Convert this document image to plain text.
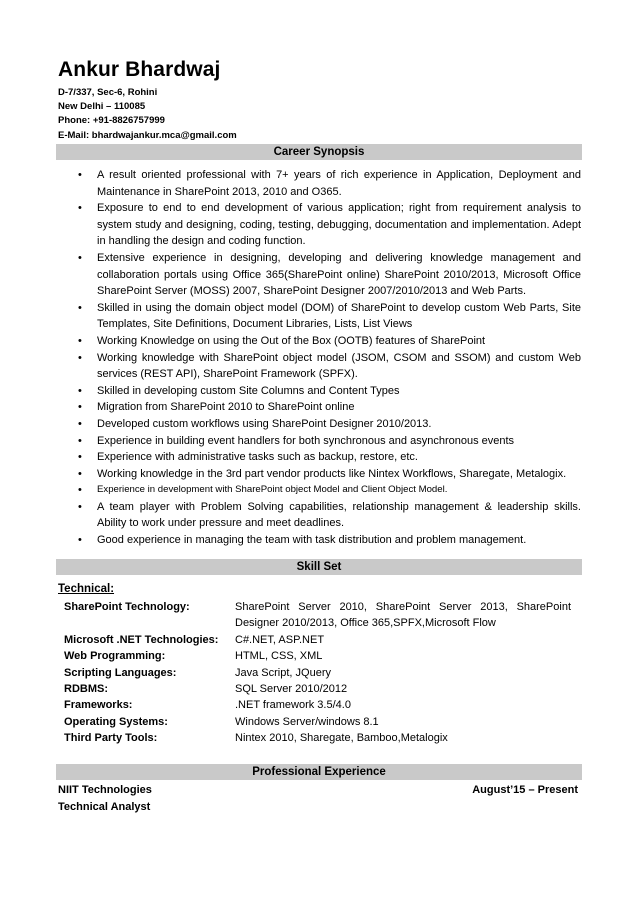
Ankur Bhardwaj
D-7/337, Sec-6, Rohini
New Delhi – 110085
Phone: +91-8826757999
E-Mail: bhardwajankur.mca@gmail.com
Career Synopsis
• A result oriented professional with 7+ years of rich experience in Application, Deployment and Maintenance in SharePoint 2013, 2010 and O365.
• Exposure to end to end development of various application; right from requirement analysis to system study and designing, coding, testing, debugging, documentation and implementation. Adept in handling the design and coding function.
• Extensive experience in designing, developing and delivering knowledge management and collaboration portals using Office 365(SharePoint online) SharePoint 2010/2013, Microsoft Office SharePoint Server (MOSS) 2007, SharePoint Designer 2007/2010/2013 and Web Parts.
• Skilled in using the domain object model (DOM) of SharePoint to develop custom Web Parts, Site Templates, Site Definitions, Document Libraries, Lists, List Views
• Working Knowledge on using the Out of the Box (OOTB) features of SharePoint
• Working knowledge with SharePoint object model (JSOM, CSOM and SSOM) and custom Web services (REST API), SharePoint Framework (SPFX).
• Skilled in developing custom Site Columns and Content Types
• Migration from SharePoint 2010 to SharePoint online
• Developed custom workflows using SharePoint Designer 2010/2013.
• Experience in building event handlers for both synchronous and asynchronous events
• Experience with administrative tasks such as backup, restore, etc.
• Working knowledge in the 3rd part vendor products like Nintex Workflows, Sharegate, Metalogix.
• Experience in development with SharePoint object Model and Client Object Model.
• A team player with Problem Solving capabilities, relationship management & leadership skills. Ability to work under pressure and meet deadlines.
• Good experience in managing the team with task distribution and problem management.
Skill Set
Technical:
SharePoint Technology:	SharePoint Server 2010, SharePoint Server 2013, SharePoint Designer 2010/2013, Office 365,SPFX,Microsoft Flow
Microsoft .NET Technologies:	C#.NET, ASP.NET
Web Programming:	HTML, CSS, XML
Scripting Languages:	Java Script, JQuery
RDBMS:	SQL Server 2010/2012
Frameworks:	.NET framework 3.5/4.0
Operating Systems:	Windows Server/windows 8.1
Third Party Tools:	Nintex 2010, Sharegate, Bamboo,Metalogix
Professional Experience
NIIT Technologies	August’15 – Present
Technical Analyst
